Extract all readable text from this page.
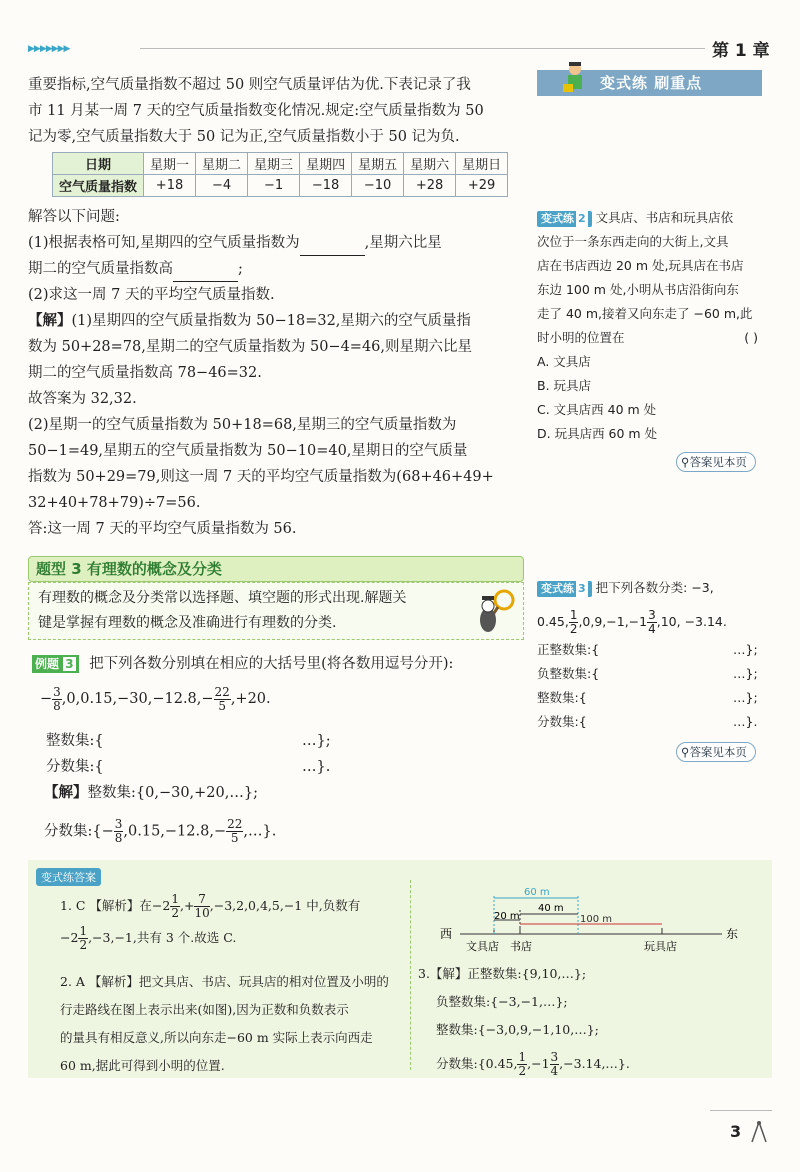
▶▶▶▶▶▶▶	第 1 章

重要指标,空气质量指数不超过 50 则空气质量评估为优.下表记录了我

市 11 月某一周 7 天的空气质量指数变化情况.规定:空气质量指数为 50

记为零,空气质量指数大于 50 记为正,空气质量指数小于 50 记为负.

日期	星期一	星期二	星期三	星期四	星期五	星期六	星期日
空气质量指数	+18	−4	−1	−18	−10	+28	+29

解答以下问题:

(1)根据表格可知,星期四的空气质量指数为	,星期六比星

期二的空气质量指数高	;

(2)求这一周 7 天的平均空气质量指数.

【解】(1)星期四的空气质量指数为 50−18=32,星期六的空气质量指

数为 50+28=78,星期二的空气质量指数为 50−4=46,则星期六比星

期二的空气质量指数高 78−46=32.

故答案为 32,32.

(2)星期一的空气质量指数为 50+18=68,星期三的空气质量指数为

50−1=49,星期五的空气质量指数为 50−10=40,星期日的空气质量

指数为 50+29=79,则这一周 7 天的平均空气质量指数为(68+46+49+

32+40+78+79)÷7=56.

答:这一周 7 天的平均空气质量指数为 56.

题型 3 有理数的概念及分类
有理数的概念及分类常以选择题、填空题的形式出现.解题关
键是掌握有理数的概念及准确进行有理数的分类.
例题 3 把下列各数分别填在相应的大括号里(将各数用逗号分开):
− $\frac{3}{8} ,0,0.15,-30,-12.8,- \frac{22}{5} ,+20$.
整数集:{	…};
分数集:{	…}.
【解】整数集:{0,−30,+20,…};
分数集:{− $\frac{3}{8} ,0.15,-12.8,- \frac{22}{5}$ ,…}.
变式练 刷重点
变式练 2 文具店、书店和玩具店依
次位于一条东西走向的大街上,文具
店在书店西边 20 m 处,玩具店在书店
东边 100 m 处,小明从书店沿街向东
走了 40 m,接着又向东走了 −60 m,此
时小明的位置在	( )
A. 文具店
B. 玩具店
C. 文具店西 40 m 处
D. 玩具店西 60 m 处
⚲答案见本页
变式练 3 把下列各数分类: −3,
0.45, $\frac{1}{2} ,0,9,-1,-1 \frac{3}{4} ,10$, −3.14.
正整数集:{	…};
负整数集:{	…};
整数集:{	…};
分数集:{	…}.
⚲答案见本页
变式练答案
1. C 【解析】在$-2 \frac{1}{2}$ ,+ $\frac{7}{10} ,-3,2,0,4,5,-1$ 中,负数有
$-2 \frac{1}{2} ,-3,-1$,共有 3 个.故选 C.
2. A 【解析】把文具店、书店、玩具店的相对位置及小明的
行走路线在图上表示出来(如图),因为正数和负数表示
的量具有相反意义,所以向东走−60 m 实际上表示向西走
60 m,据此可得到小明的位置.
西	东
文具店 书店	玩具店
60 m
40 m
20 m	100 m
3.【解】正整数集:{9,10,…};
负整数集:{−3,−1,…};
整数集:{−3,0,9,−1,10,…};
分数集:{0.45, $\frac{1}{2} ,-1 \frac{3}{4}$ ,−3.14,…}.
3
